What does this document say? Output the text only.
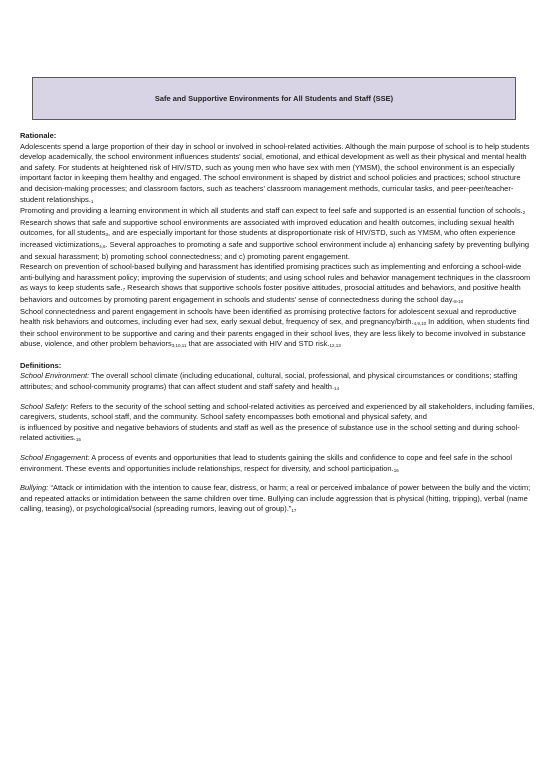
Safe and Supportive Environments for All Students and Staff (SSE)

Rationale:

Adolescents spend a large proportion of their day in school or involved in school-related activities. Although the main purpose of school is to help students develop academically, the school environment influences students' social, emotional, and ethical development as well as their physical and mental health and safety. For students at heightened risk of HIV/STD, such as young men who have sex with men (YMSM), the school environment is an especially important factor in keeping them healthy and engaged. The school environment is shaped by district and school policies and practices; school structure and decision-making processes; and classroom factors, such as teachers' classroom management methods, curricular tasks, and peer-peer/teacher-student relationships.$^1$

Promoting and providing a learning environment in which all students and staff can expect to feel safe and supported is an essential function of schools.$^2$ Research shows that safe and supportive school environments are associated with improved education and health outcomes, including sexual health outcomes, for all students$^3$, and are especially important for those students at disproportionate risk of HIV/STD, such as YMSM, who often experience increased victimizations$^{4,6}$. Several approaches to promoting a safe and supportive school environment include a) enhancing safety by preventing bullying and sexual harassment; b) promoting school connectedness; and c) promoting parent engagement.

Research on prevention of school-based bullying and harassment has identified promising practices such as implementing and enforcing a school-wide anti-bullying and harassment policy; improving the supervision of students; and using school rules and behavior management techniques in the classroom as ways to keep students safe.$^7$ Research shows that supportive schools foster positive attitudes, prosocial attitudes and behaviors, and positive health behaviors and outcomes by promoting parent engagement in schools and students' sense of connectedness during the school day.$^{8-10}$

School connectedness and parent engagement in schools have been identified as promising protective factors for adolescent sexual and reproductive health risk behaviors and outcomes, including ever had sex, early sexual debut, frequency of sex, and pregnancy/birth.$^{4,9,10}$ In addition, when students find their school environment to be supportive and caring and their parents engaged in their school lives, they are less likely to become involved in substance abuse, violence, and other problem behaviors$^{3,10,11}$ that are associated with HIV and STD risk.$^{12,13}$

Definitions:

School Environment: The overall school climate (including educational, cultural, social, professional, and physical circumstances or conditions; staffing attributes; and school-community programs) that can affect student and staff safety and health.$^{14}$

School Safety: Refers to the security of the school setting and school-related activities as perceived and experienced by all stakeholders, including families, caregivers, students, school staff, and the community. School safety encompasses both emotional and physical safety, and
is influenced by positive and negative behaviors of students and staff as well as the presence of substance use in the school setting and during school-related activities.$^{15}$

School Engagement: A process of events and opportunities that lead to students gaining the skills and confidence to cope and feel safe in the school environment. These events and opportunities include relationships, respect for diversity, and school participation.$^{16}$

Bullying: “Attack or intimidation with the intention to cause fear, distress, or harm; a real or perceived imbalance of power between the bully and the victim; and repeated attacks or intimidation between the same children over time. Bullying can include aggression that is physical (hitting, tripping), verbal (name calling, teasing), or psychological/social (spreading rumors, leaving out of group).”$^{17}$
